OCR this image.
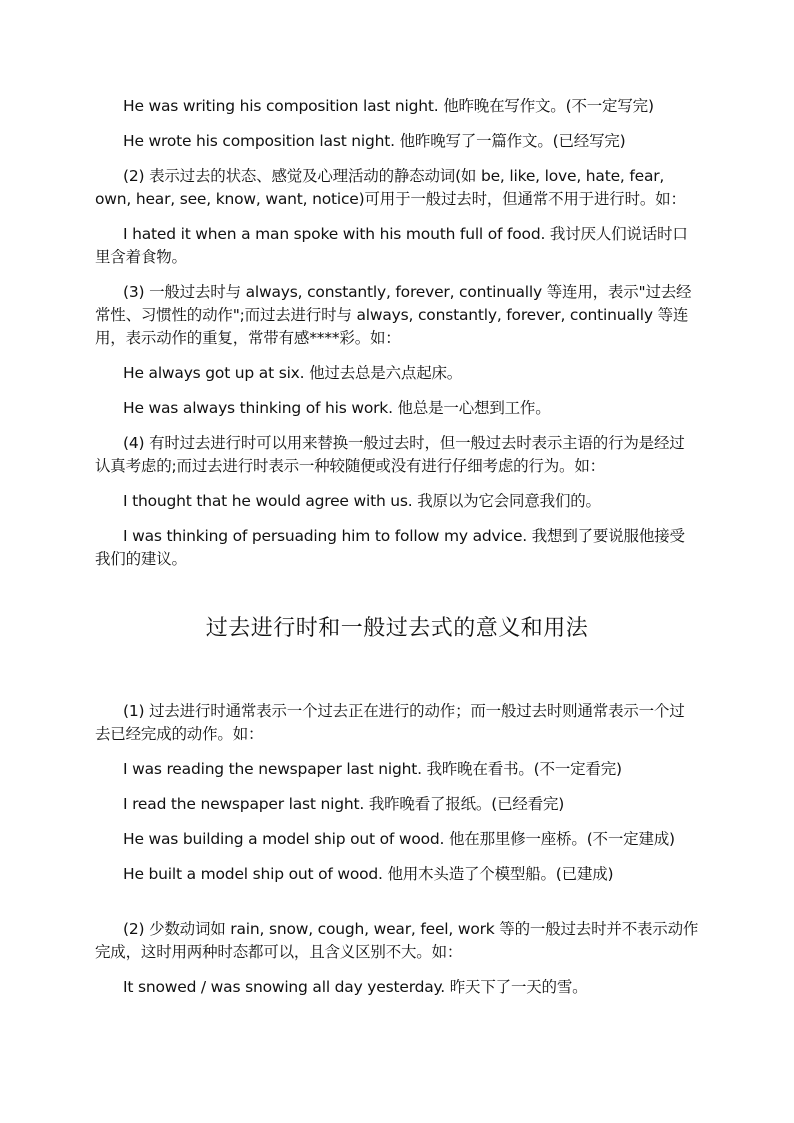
He was writing his composition last night. 他昨晚在写作文。(不一定写完)

He wrote his composition last night. 他昨晚写了一篇作文。(已经写完)

(2) 表示过去的状态、感觉及心理活动的静态动词(如 be, like, love, hate, fear, own, hear, see, know, want, notice)可用于一般过去时，但通常不用于进行时。如：

I hated it when a man spoke with his mouth full of food. 我讨厌人们说话时口里含着食物。

(3) 一般过去时与 always, constantly, forever, continually 等连用，表示"过去经常性、习惯性的动作";而过去进行时与 always, constantly, forever, continually 等连用，表示动作的重复，常带有感****彩。如：

He always got up at six. 他过去总是六点起床。

He was always thinking of his work. 他总是一心想到工作。

(4) 有时过去进行时可以用来替换一般过去时，但一般过去时表示主语的行为是经过认真考虑的;而过去进行时表示一种较随便或没有进行仔细考虑的行为。如：

I thought that he would agree with us. 我原以为它会同意我们的。

I was thinking of persuading him to follow my advice. 我想到了要说服他接受我们的建议。

过去进行时和一般过去式的意义和用法

(1) 过去进行时通常表示一个过去正在进行的动作；而一般过去时则通常表示一个过去已经完成的动作。如：

I was reading the newspaper last night. 我昨晚在看书。(不一定看完)

I read the newspaper last night. 我昨晚看了报纸。(已经看完)

He was building a model ship out of wood. 他在那里修一座桥。(不一定建成)

He built a model ship out of wood. 他用木头造了个模型船。(已建成)

(2) 少数动词如 rain, snow, cough, wear, feel, work 等的一般过去时并不表示动作完成，这时用两种时态都可以，且含义区别不大。如：

It snowed / was snowing all day yesterday. 昨天下了一天的雪。
